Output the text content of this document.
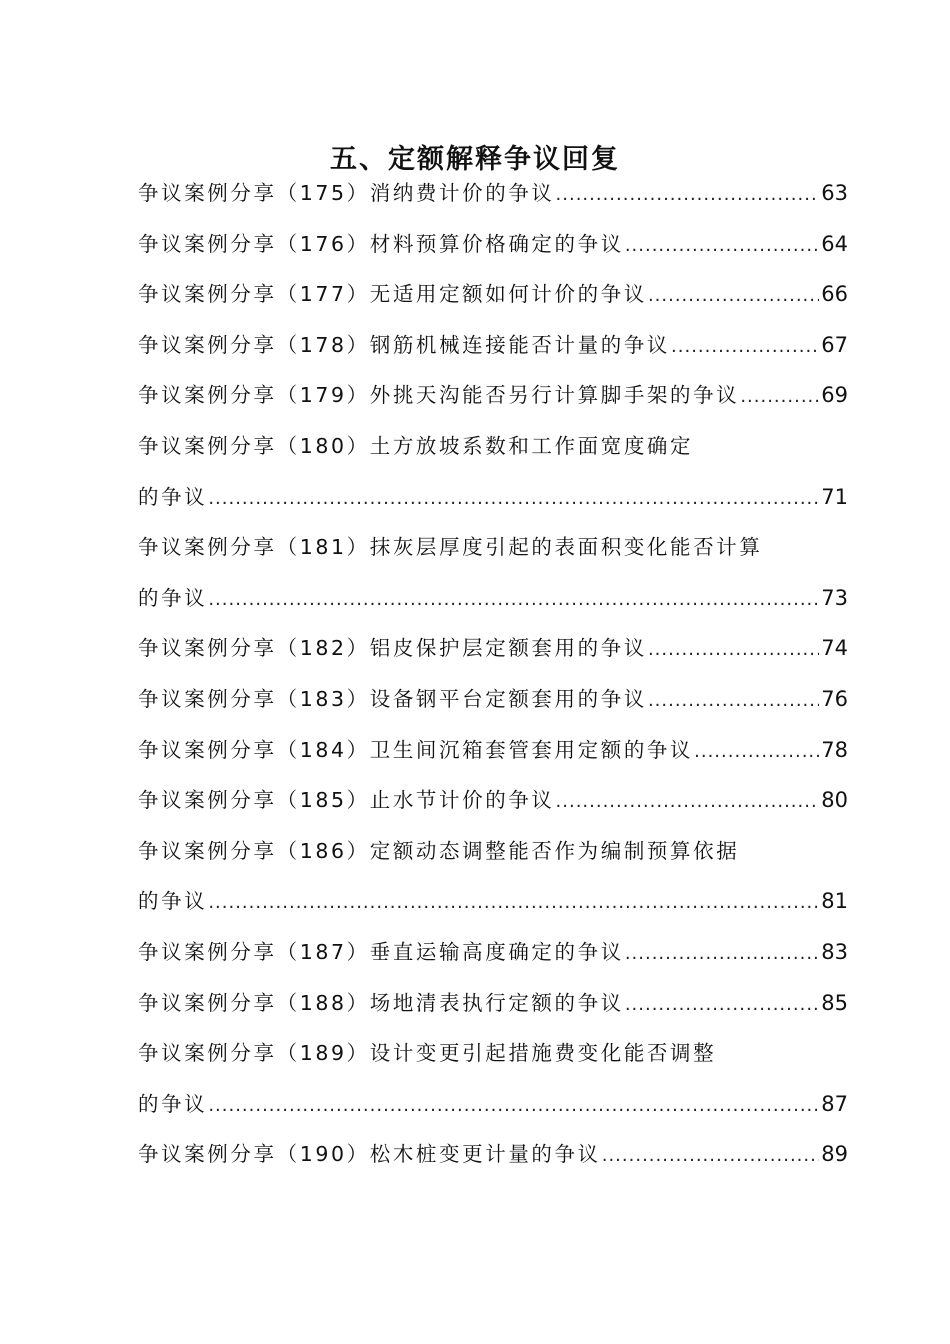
五、定额解释争议回复
争议案例分享（175）消纳费计价的争议 .....	63
争议案例分享（176）材料预算价格确定的争议 .....	64
争议案例分享（177）无适用定额如何计价的争议 .....	66
争议案例分享（178）钢筋机械连接能否计量的争议 .....	67
争议案例分享（179）外挑天沟能否另行计算脚手架的争议 .....	69
争议案例分享（180）土方放坡系数和工作面宽度确定
的争议 .....	71
争议案例分享（181）抹灰层厚度引起的表面积变化能否计算
的争议 .....	73
争议案例分享（182）铝皮保护层定额套用的争议 .....	74
争议案例分享（183）设备钢平台定额套用的争议 .....	76
争议案例分享（184）卫生间沉箱套管套用定额的争议 .....	78
争议案例分享（185）止水节计价的争议 .....	80
争议案例分享（186）定额动态调整能否作为编制预算依据
的争议 .....	81
争议案例分享（187）垂直运输高度确定的争议 .....	83
争议案例分享（188）场地清表执行定额的争议 .....	85
争议案例分享（189）设计变更引起措施费变化能否调整
的争议 .....	87
争议案例分享（190）松木桩变更计量的争议 .....	89
